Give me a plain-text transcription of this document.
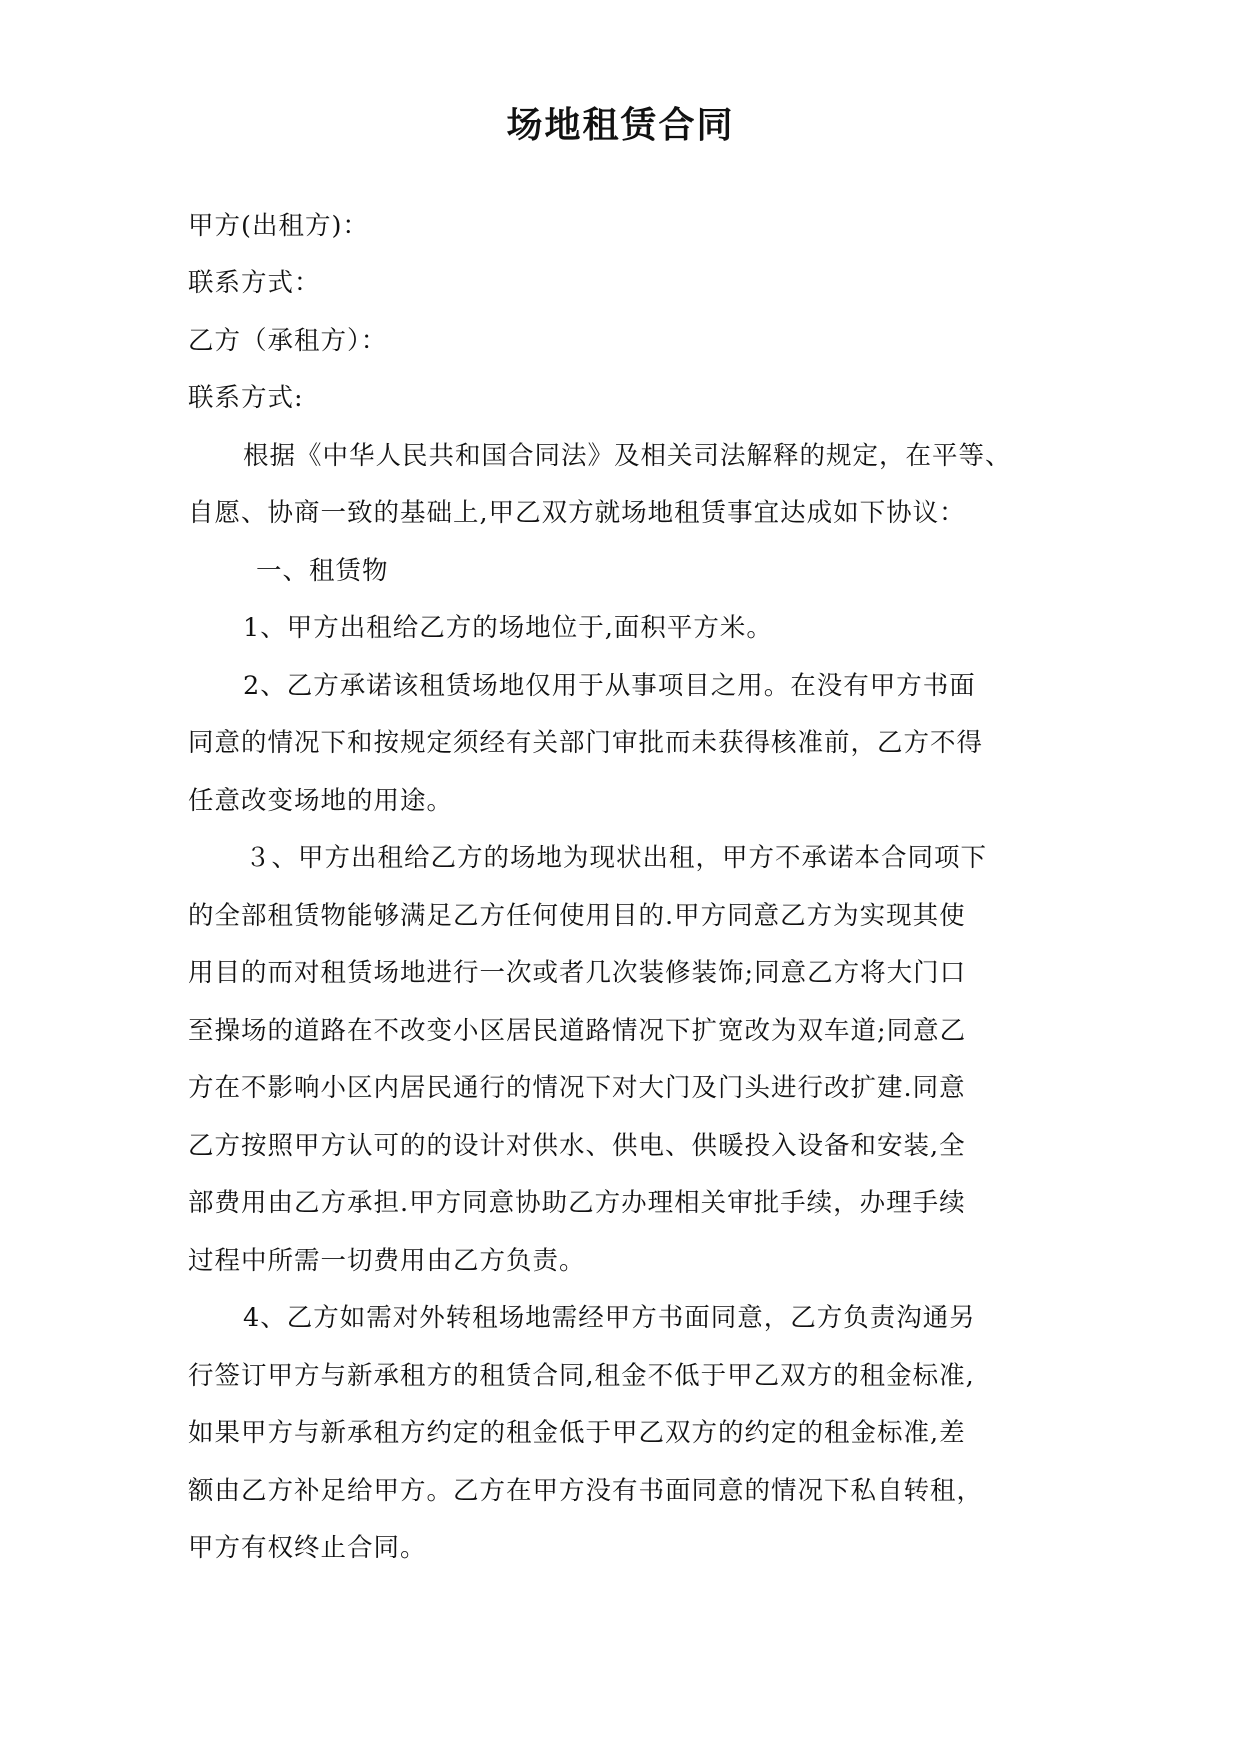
场地租赁合同
甲方(出租方)：
联系方式：
乙方（承租方）：
联系方式:
根据《中华人民共和国合同法》及相关司法解释的规定，在平等、
自愿、协商一致的基础上,甲乙双方就场地租赁事宜达成如下协议：
一、租赁物
1、甲方出租给乙方的场地位于,面积平方米。
2、乙方承诺该租赁场地仅用于从事项目之用。在没有甲方书面
同意的情况下和按规定须经有关部门审批而未获得核准前，乙方不得
任意改变场地的用途。
３、甲方出租给乙方的场地为现状出租，甲方不承诺本合同项下
的全部租赁物能够满足乙方任何使用目的.甲方同意乙方为实现其使
用目的而对租赁场地进行一次或者几次装修装饰;同意乙方将大门口
至操场的道路在不改变小区居民道路情况下扩宽改为双车道;同意乙
方在不影响小区内居民通行的情况下对大门及门头进行改扩建.同意
乙方按照甲方认可的的设计对供水、供电、供暖投入设备和安装,全
部费用由乙方承担.甲方同意协助乙方办理相关审批手续，办理手续
过程中所需一切费用由乙方负责。
4、乙方如需对外转租场地需经甲方书面同意，乙方负责沟通另
行签订甲方与新承租方的租赁合同,租金不低于甲乙双方的租金标准,
如果甲方与新承租方约定的租金低于甲乙双方的约定的租金标准,差
额由乙方补足给甲方。乙方在甲方没有书面同意的情况下私自转租，
甲方有权终止合同。
